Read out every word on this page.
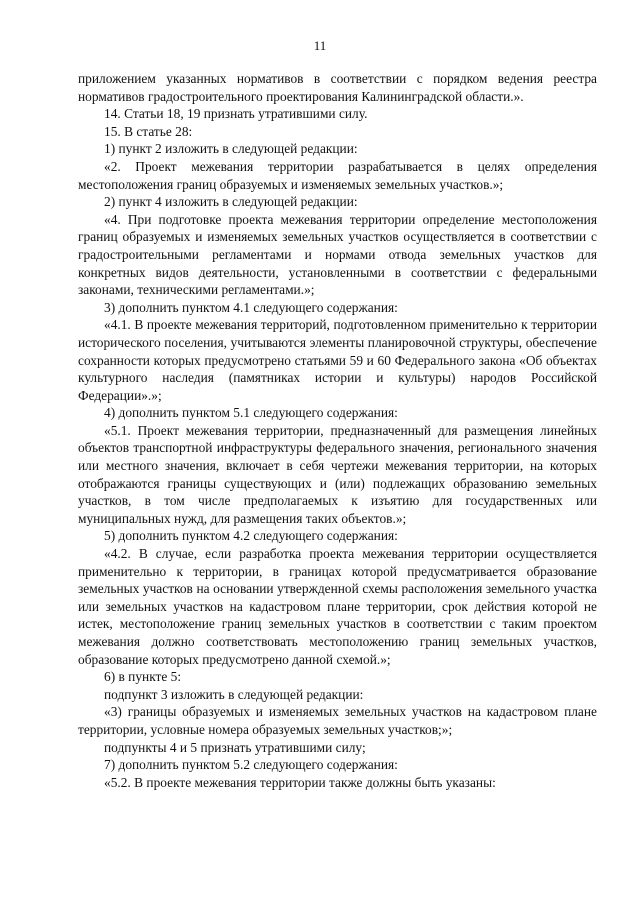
11

приложением указанных нормативов в соответствии с порядком ведения реестра нормативов градостроительного проектирования Калининградской области.».

14. Статьи 18, 19 признать утратившими силу.

15. В статье 28:

1) пункт 2 изложить в следующей редакции:

«2. Проект межевания территории разрабатывается в целях определения местоположения границ образуемых и изменяемых земельных участков.»;

2) пункт 4 изложить в следующей редакции:

«4. При подготовке проекта межевания территории определение местоположения границ образуемых и изменяемых земельных участков осуществляется в соответствии с градостроительными регламентами и нормами отвода земельных участков для конкретных видов деятельности, установленными в соответствии с федеральными законами, техническими регламентами.»;

3) дополнить пунктом 4.1 следующего содержания:

«4.1. В проекте межевания территорий, подготовленном применительно к территории исторического поселения, учитываются элементы планировочной структуры, обеспечение сохранности которых предусмотрено статьями 59 и 60 Федерального закона «Об объектах культурного наследия (памятниках истории и культуры) народов Российской Федерации».»;

4) дополнить пунктом 5.1 следующего содержания:

«5.1. Проект межевания территории, предназначенный для размещения линейных объектов транспортной инфраструктуры федерального значения, регионального значения или местного значения, включает в себя чертежи межевания территории, на которых отображаются границы существующих и (или) подлежащих образованию земельных участков, в том числе предполагаемых к изъятию для государственных или муниципальных нужд, для размещения таких объектов.»;

5) дополнить пунктом 4.2 следующего содержания:

«4.2. В случае, если разработка проекта межевания территории осуществляется применительно к территории, в границах которой предусматривается образование земельных участков на основании утвержденной схемы расположения земельного участка или земельных участков на кадастровом плане территории, срок действия которой не истек, местоположение границ земельных участков в соответствии с таким проектом межевания должно соответствовать местоположению границ земельных участков, образование которых предусмотрено данной схемой.»;

6) в пункте 5:

подпункт 3 изложить в следующей редакции:

«3) границы образуемых и изменяемых земельных участков на кадастровом плане территории, условные номера образуемых земельных участков;»;

подпункты 4 и 5 признать утратившими силу;

7) дополнить пунктом 5.2 следующего содержания:

«5.2. В проекте межевания территории также должны быть указаны:
